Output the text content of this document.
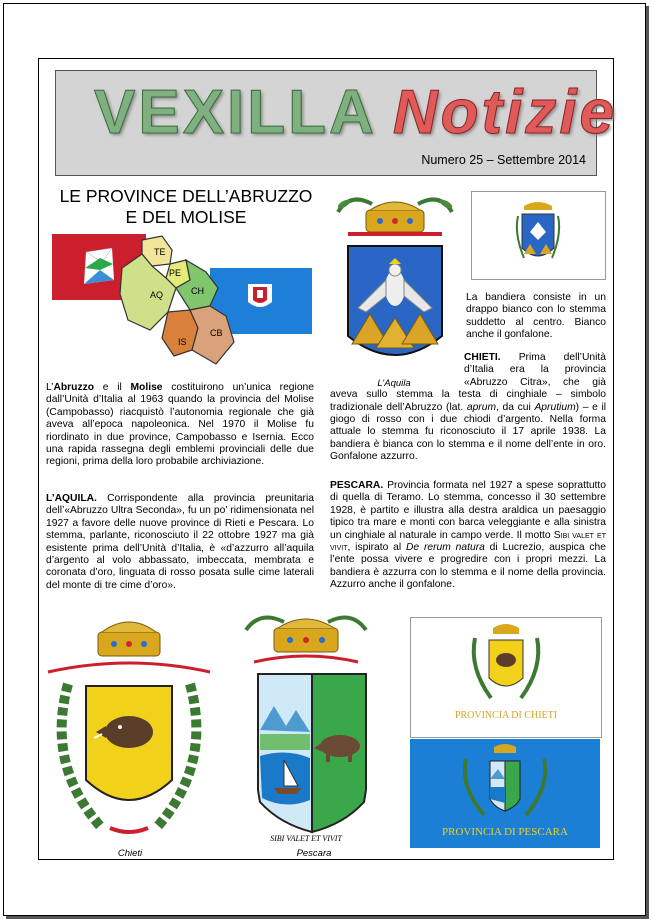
VEXILLA Notizie
Numero 25 – Settembre 2014
LE PROVINCE DELL’ABRUZZO
E DEL MOLISE
TE
PE
AQ	CH
IS
CB
L’Aquila
L’Abruzzo e il Molise costituirono un’unica regione dall’Unità d’Italia al 1963 quando la provincia del Molise (Campobasso) riacquistò l’autonomia regionale che già aveva all’epoca napoleonica. Nel 1970 il Molise fu riordinato in due province, Campobasso e Isernia. Ecco una rapida rassegna degli emblemi provinciali delle due regioni, prima della loro probabile archiviazione.
L’AQUILA. Corrispondente alla provincia preunitaria dell’«Abruzzo Ultra Seconda», fu un po’ ridimensionata nel 1927 a favore delle nuove province di Rieti e Pescara. Lo stemma, parlante, riconosciuto il 22 ottobre 1927 ma già esistente prima dell’Unità d’Italia, è «d’azzurro all’aquila d’argento al volo abbassato, imbeccata, membrata e coronata d’oro, linguata di rosso posata sulle cime laterali del monte di tre cime d’oro».
La bandiera consiste in un drappo bianco con lo stemma suddetto al centro. Bianco anche il gonfalone.
CHIETI. Prima dell’Unità d’Italia era la provincia «Abruzzo Citra», che già aveva sullo stemma la testa di cinghiale – simbolo tradizionale dell’Abruzzo (lat. aprum, da cui Aprutium) – e il giogo di rosso con i due chiodi d’argento. Nella forma attuale lo stemma fu riconosciuto il 17 aprile 1938. La bandiera è bianca con lo stemma e il nome dell’ente in oro. Gonfalone azzurro.
PESCARA. Provincia formata nel 1927 a spese soprattutto di quella di Teramo. Lo stemma, concesso il 30 settembre 1928, è partito e illustra alla destra araldica un paesaggio tipico tra mare e monti con barca veleggiante e alla sinistra un cinghiale al naturale in campo verde. Il motto Sibi valet et vivit, ispirato al De rerum natura di Lucrezio, auspica che l’ente possa vivere e progredire con i propri mezzi. La bandiera è azzurra con lo stemma e il nome della provincia. Azzurro anche il gonfalone.
Chieti
SIBI VALET ET VIVIT
Pescara
PROVINCIA DI CHIETI
PROVINCIA DI PESCARA
